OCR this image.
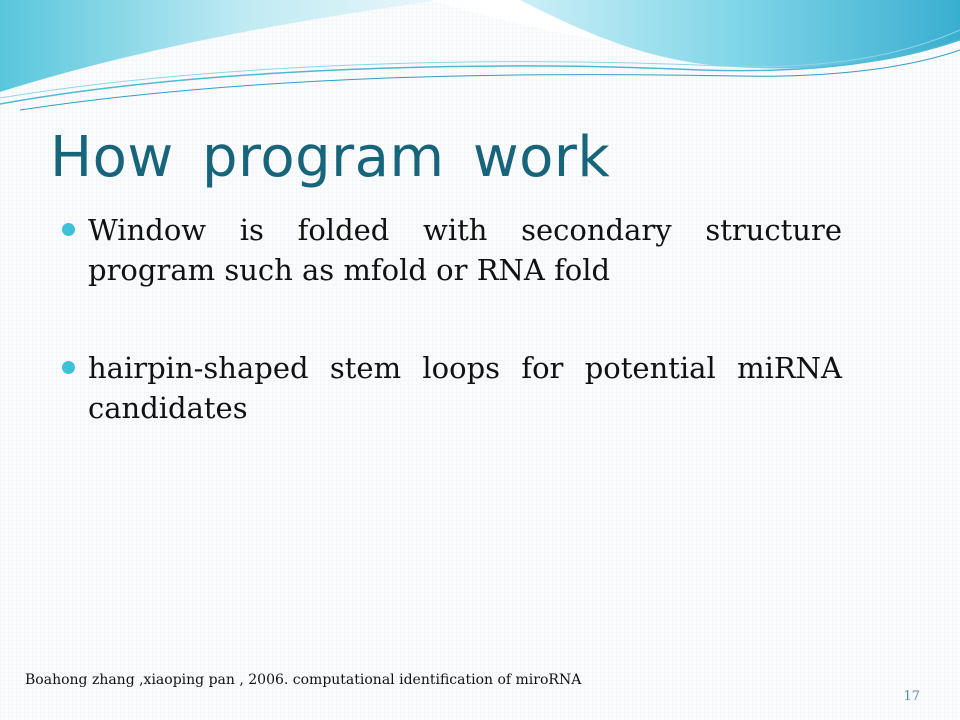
How program work
Window is folded with secondary structure program such as mfold or RNA fold
hairpin-shaped stem loops for potential miRNA candidates
Boahong zhang ,xiaoping pan , 2006. computational identification of miroRNA
17
